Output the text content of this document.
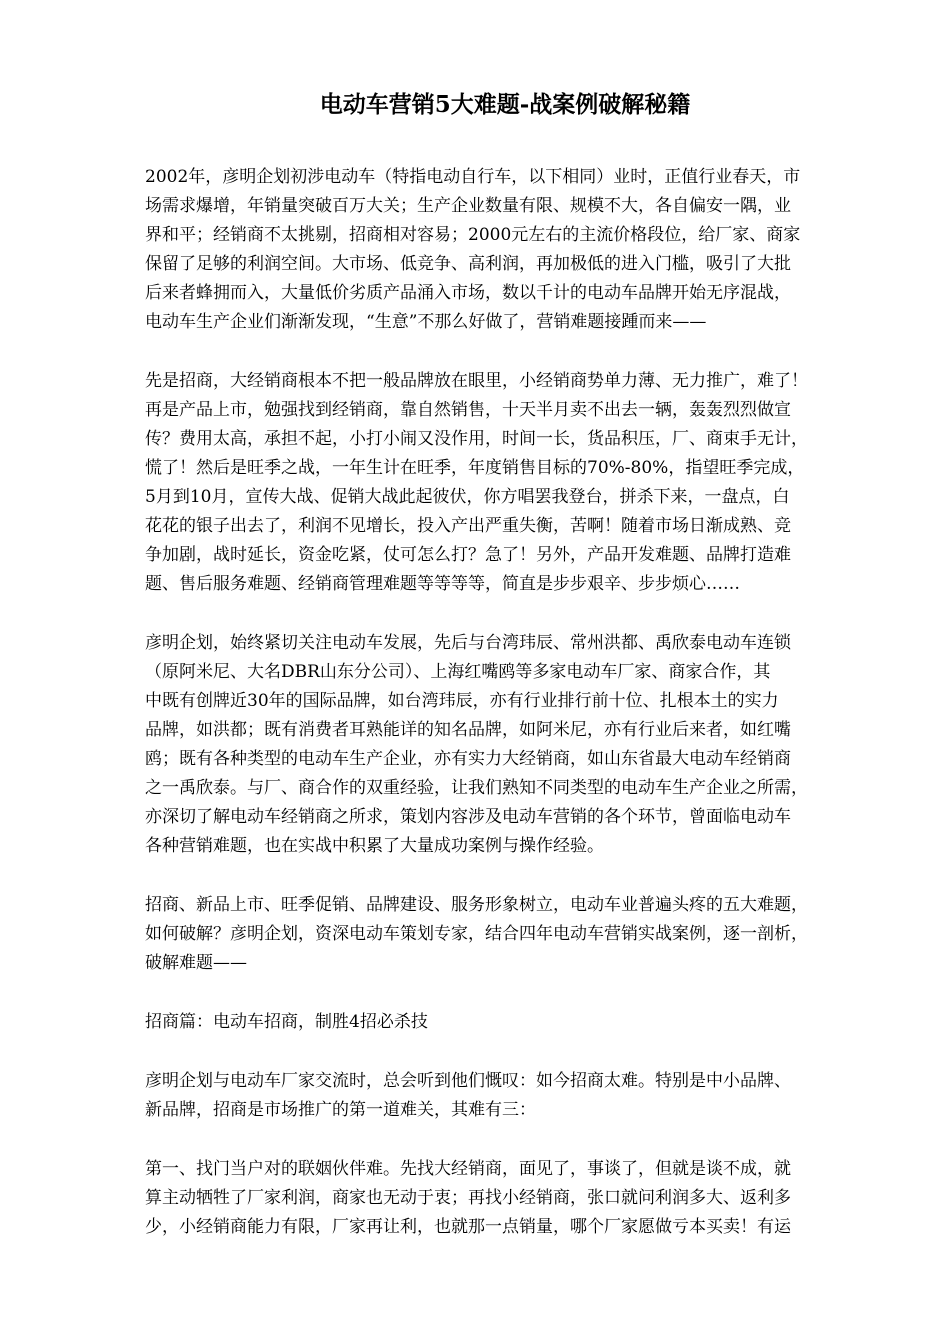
电动车营销5大难题-战案例破解秘籍

2002年，彦明企划初涉电动车（特指电动自行车，以下相同）业时，正值行业春天，市
场需求爆增，年销量突破百万大关；生产企业数量有限、规模不大，各自偏安一隅，业
界和平；经销商不太挑剔，招商相对容易；2000元左右的主流价格段位，给厂家、商家
保留了足够的利润空间。大市场、低竞争、高利润，再加极低的进入门槛，吸引了大批
后来者蜂拥而入，大量低价劣质产品涌入市场，数以千计的电动车品牌开始无序混战，
电动车生产企业们渐渐发现，“生意”不那么好做了，营销难题接踵而来——

先是招商，大经销商根本不把一般品牌放在眼里，小经销商势单力薄、无力推广，难了！
再是产品上市，勉强找到经销商，靠自然销售，十天半月卖不出去一辆，轰轰烈烈做宣
传？费用太高，承担不起，小打小闹又没作用，时间一长，货品积压，厂、商束手无计，
慌了！然后是旺季之战，一年生计在旺季，年度销售目标的70%-80%，指望旺季完成，
5月到10月，宣传大战、促销大战此起彼伏，你方唱罢我登台，拼杀下来，一盘点，白
花花的银子出去了，利润不见增长，投入产出严重失衡，苦啊！随着市场日渐成熟、竞
争加剧，战时延长，资金吃紧，仗可怎么打？急了！另外，产品开发难题、品牌打造难
题、售后服务难题、经销商管理难题等等等等，简直是步步艰辛、步步烦心……

彦明企划，始终紧切关注电动车发展，先后与台湾玮辰、常州洪都、禹欣泰电动车连锁
（原阿米尼、大名DBR山东分公司）、上海红嘴鸥等多家电动车厂家、商家合作，其
中既有创牌近30年的国际品牌，如台湾玮辰，亦有行业排行前十位、扎根本土的实力
品牌，如洪都；既有消费者耳熟能详的知名品牌，如阿米尼，亦有行业后来者，如红嘴
鸥；既有各种类型的电动车生产企业，亦有实力大经销商，如山东省最大电动车经销商
之一禹欣泰。与厂、商合作的双重经验，让我们熟知不同类型的电动车生产企业之所需，
亦深切了解电动车经销商之所求，策划内容涉及电动车营销的各个环节，曾面临电动车
各种营销难题，也在实战中积累了大量成功案例与操作经验。

招商、新品上市、旺季促销、品牌建设、服务形象树立，电动车业普遍头疼的五大难题，
如何破解？彦明企划，资深电动车策划专家，结合四年电动车营销实战案例，逐一剖析，
破解难题——

招商篇：电动车招商，制胜4招必杀技

彦明企划与电动车厂家交流时，总会听到他们慨叹：如今招商太难。特别是中小品牌、
新品牌，招商是市场推广的第一道难关，其难有三：

第一、找门当户对的联姻伙伴难。先找大经销商，面见了，事谈了，但就是谈不成，就
算主动牺牲了厂家利润，商家也无动于衷；再找小经销商，张口就问利润多大、返利多
少，小经销商能力有限，厂家再让利，也就那一点销量，哪个厂家愿做亏本买卖！有运
